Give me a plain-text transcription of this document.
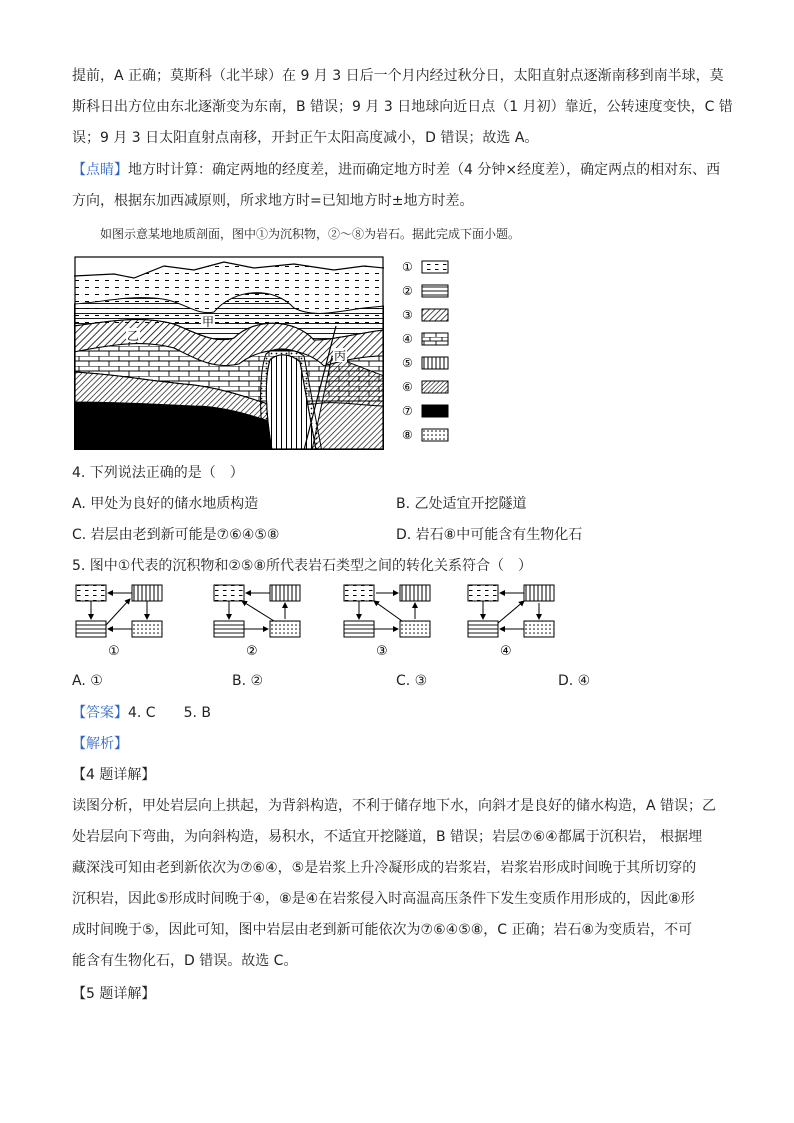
提前，A 正确；莫斯科（北半球）在 9 月 3 日后一个月内经过秋分日，太阳直射点逐渐南移到南半球，莫
斯科日出方位由东北逐渐变为东南，B 错误；9 月 3 日地球向近日点（1 月初）靠近，公转速度变快，C 错
误；9 月 3 日太阳直射点南移，开封正午太阳高度减小，D 错误；故选 A。
【点睛】地方时计算：确定两地的经度差，进而确定地方时差（4 分钟×经度差），确定两点的相对东、西
方向，根据东加西减原则，所求地方时=已知地方时±地方时差。
如图示意某地地质剖面，图中①为沉积物，②～⑧为岩石。据此完成下面小题。
乙
甲
丙
①
②
③
④
⑤
⑥
⑦
⑧
4. 下列说法正确的是（　）
A. 甲处为良好的储水地质构造	B. 乙处适宜开挖隧道
C. 岩层由老到新可能是⑦⑥④⑤⑧	D. 岩石⑧中可能含有生物化石
5. 图中①代表的沉积物和②⑤⑧所代表岩石类型之间的转化关系符合（　）
①	②	③	④
A. ①	B. ②	C. ③	D. ④
【答案】4. C　　5. B
【解析】
【4 题详解】
读图分析，甲处岩层向上拱起，为背斜构造，不利于储存地下水，向斜才是良好的储水构造，A 错误；乙
处岩层向下弯曲，为向斜构造，易积水，不适宜开挖隧道，B 错误；岩层⑦⑥④都属于沉积岩， 根据埋
藏深浅可知由老到新依次为⑦⑥④，⑤是岩浆上升冷凝形成的岩浆岩，岩浆岩形成时间晚于其所切穿的
沉积岩，因此⑤形成时间晚于④，⑧是④在岩浆侵入时高温高压条件下发生变质作用形成的，因此⑧形
成时间晚于⑤，因此可知，图中岩层由老到新可能依次为⑦⑥④⑤⑧，C 正确；岩石⑧为变质岩，不可
能含有生物化石，D 错误。故选 C。
【5 题详解】
